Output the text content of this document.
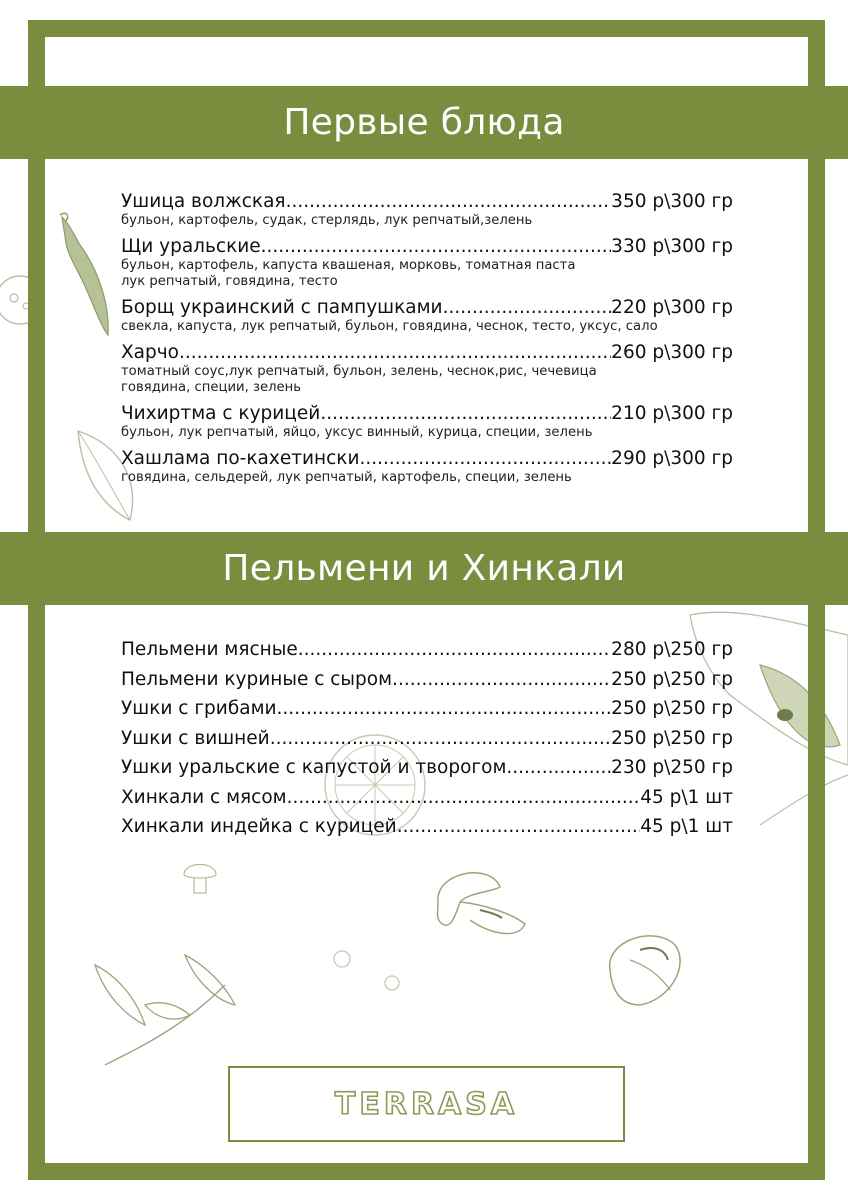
Первые блюда
Ушица волжская .....	350 р\300 гр
бульон, картофель, судак, стерлядь, лук репчатый,зелень
Щи уральские .....	330 р\300 гр
бульон, картофель, капуста квашеная, морковь, томатная паста
лук репчатый, говядина, тесто
Борщ украинский с пампушками .....	220 р\300 гр
свекла, капуста, лук репчатый, бульон, говядина, чеснок, тесто, уксус, сало
Харчо .....	260 р\300 гр
томатный соус,лук репчатый, бульон, зелень, чеснок,рис, чечевица
говядина, специи, зелень
Чихиртма с курицей .....	210 р\300 гр
бульон, лук репчатый, яйцо, уксус винный, курица, специи, зелень
Хашлама по-кахетински .....	290 р\300 гр
говядина, сельдерей, лук репчатый, картофель, специи, зелень
Пельмени и Хинкали
Пельмени мясные .....	280 р\250 гр
Пельмени куриные с сыром .....	250 р\250 гр
Ушки с грибами .....	250 р\250 гр
Ушки с вишней .....	250 р\250 гр
Ушки уральские с капустой и творогом .....	230 р\250 гр
Хинкали с мясом .....	45 р\1 шт
Хинкали индейка с курицей .....	45 р\1 шт
TERRASA
